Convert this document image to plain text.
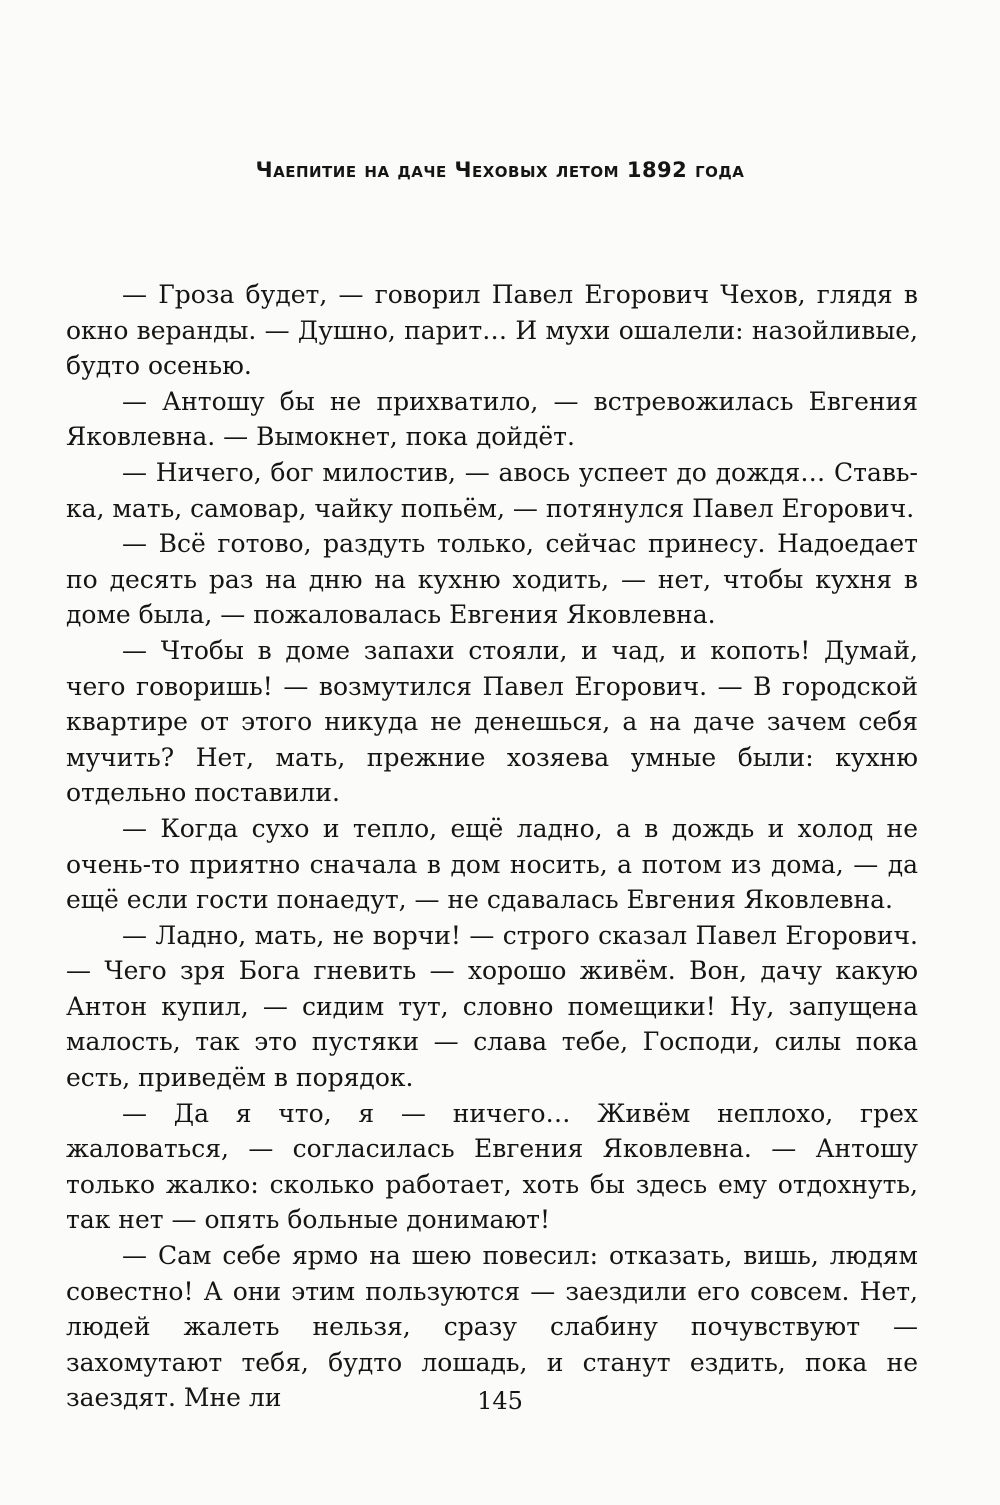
Чаепитие на даче Чеховых летом 1892 года

— Гроза будет, — говорил Павел Егорович Чехов, глядя в окно веранды. — Душно, парит… И мухи ошалели: назойливые, будто осенью.

— Антошу бы не прихватило, — встревожилась Евгения Яковлевна. — Вымокнет, пока дойдёт.

— Ничего, бог милостив, — авось успеет до дождя… Ставь-ка, мать, самовар, чайку попьём, — потянулся Павел Егорович.

— Всё готово, раздуть только, сейчас принесу. Надоедает по десять раз на дню на кухню ходить, — нет, чтобы кухня в доме была, — пожаловалась Евгения Яковлевна.

— Чтобы в доме запахи стояли, и чад, и копоть! Думай, чего говоришь! — возмутился Павел Егорович. — В городской квартире от этого никуда не денешься, а на даче зачем себя мучить? Нет, мать, прежние хозяева умные были: кухню отдельно поставили.

— Когда сухо и тепло, ещё ладно, а в дождь и холод не очень-то приятно сначала в дом носить, а потом из дома, — да ещё если гости понаедут, — не сдавалась Евгения Яковлевна.

— Ладно, мать, не ворчи! — строго сказал Павел Егорович. — Чего зря Бога гневить — хорошо живём. Вон, дачу какую Антон купил, — сидим тут, словно помещики! Ну, запущена малость, так это пустяки — слава тебе, Господи, силы пока есть, приведём в порядок.

— Да я что, я — ничего… Живём неплохо, грех жаловаться, — согласилась Евгения Яковлевна. — Антошу только жалко: сколько работает, хоть бы здесь ему отдохнуть, так нет — опять больные донимают!

— Сам себе ярмо на шею повесил: отказать, вишь, людям совестно! А они этим пользуются — заездили его совсем. Нет, людей жалеть нельзя, сразу слабину почувствуют — захомутают тебя, будто лошадь, и станут ездить, пока не заездят. Мне ли	145
